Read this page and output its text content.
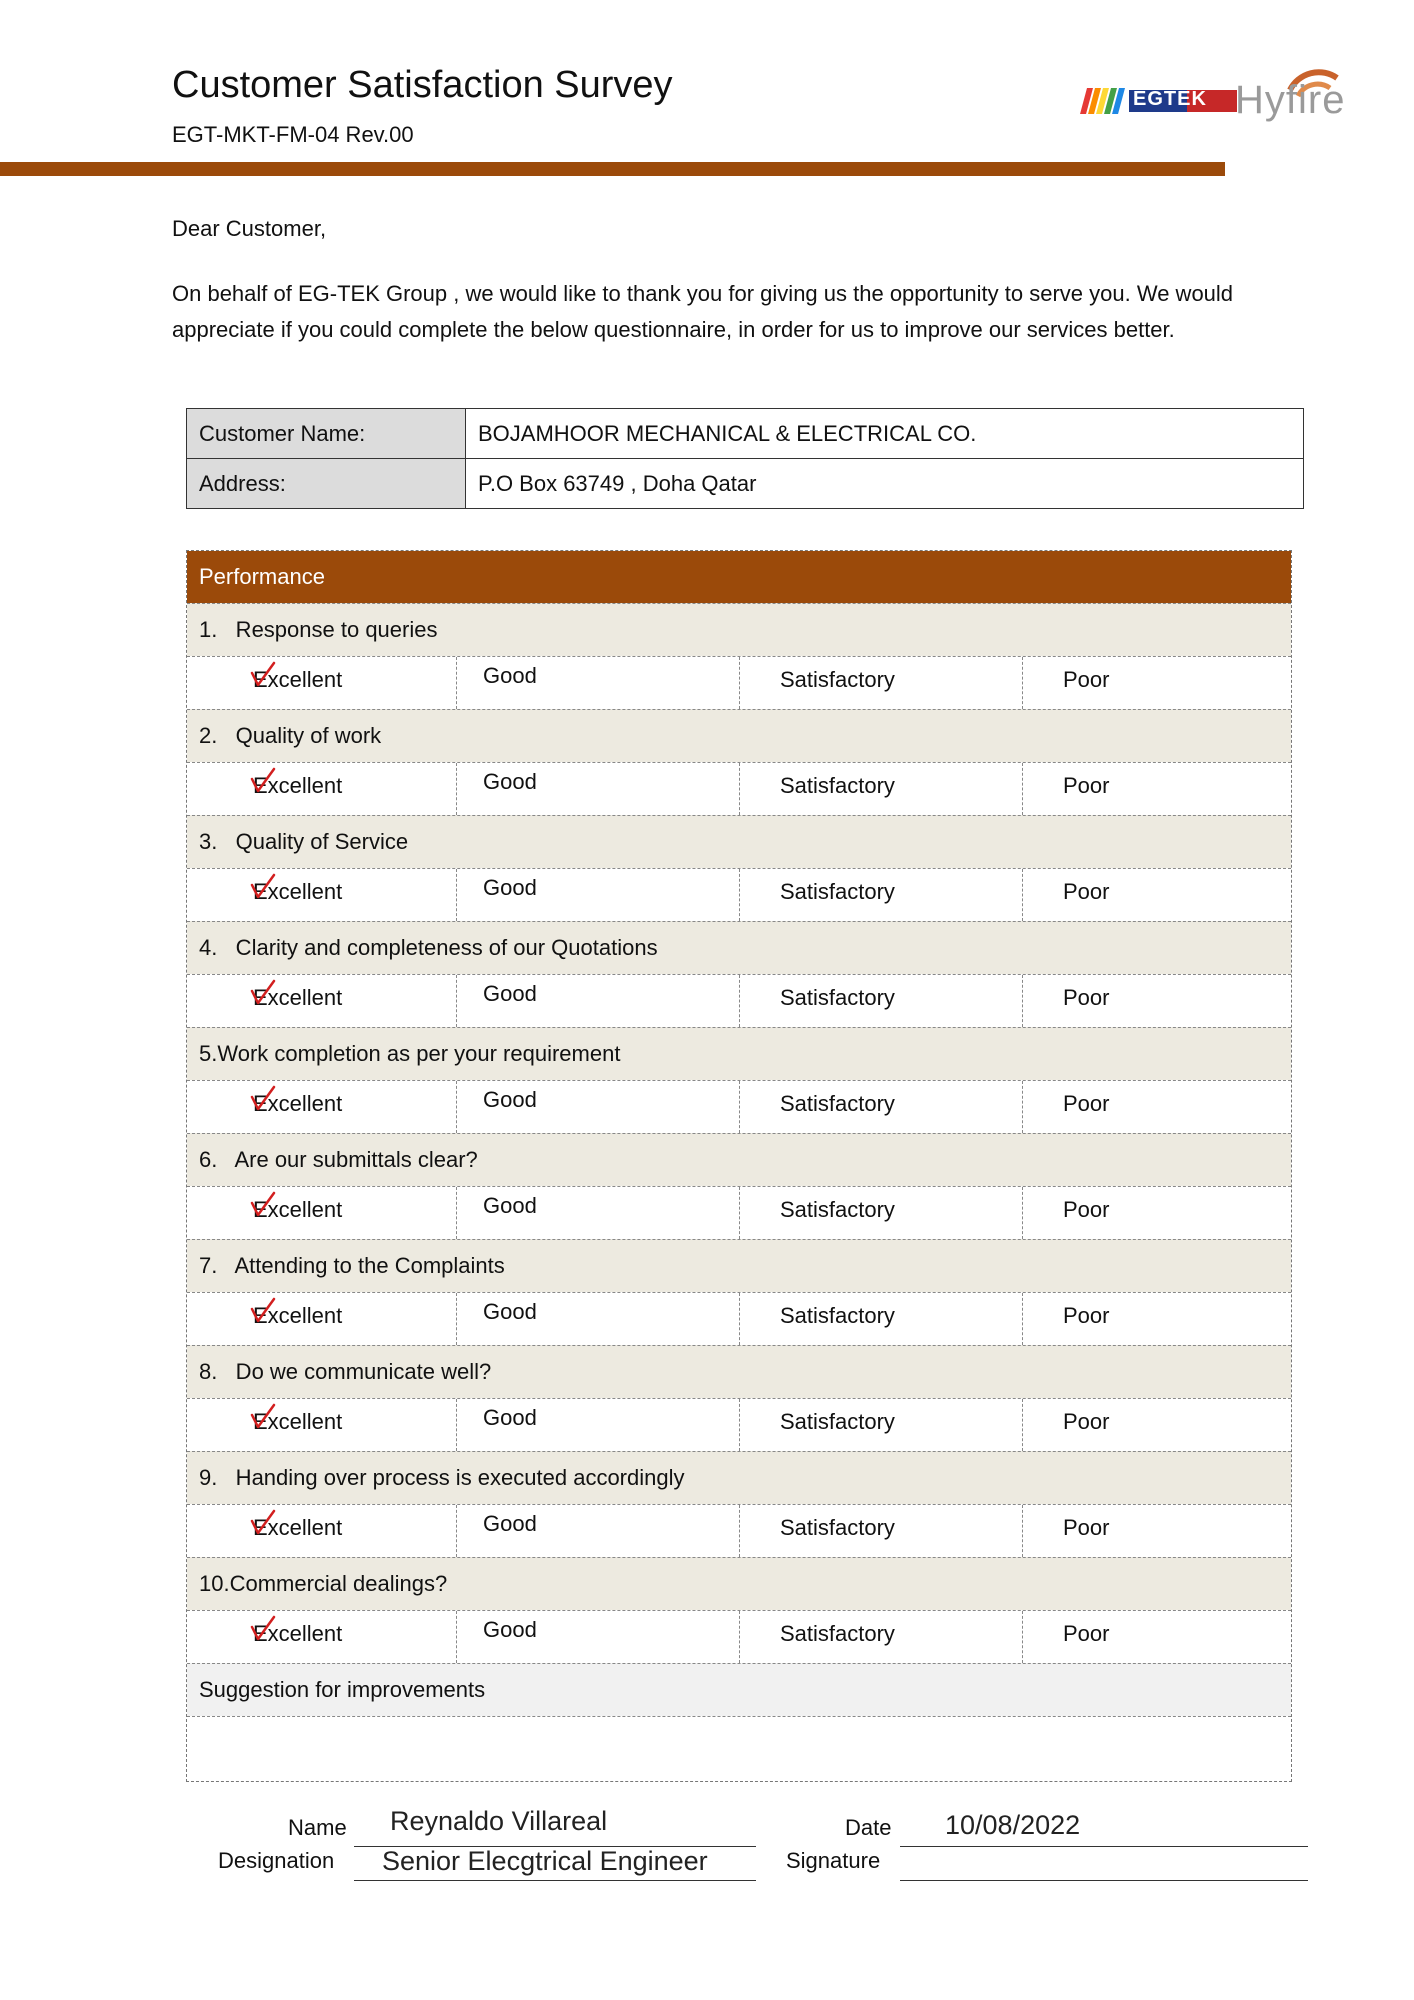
Customer Satisfaction Survey
EGT-MKT-FM-04 Rev.00
EGTEK Hyfire
Dear Customer,
On behalf of EG-TEK Group , we would like to thank you for giving us the opportunity to serve you. We would appreciate if you could complete the below questionnaire, in order for us to improve our services better.
Customer Name:	BOJAMHOOR MECHANICAL & ELECTRICAL CO.
Address:	P.O Box 63749 , Doha Qatar
Performance
1.   Response to queries
Excellent	Good	Satisfactory	Poor
2.   Quality of work
Excellent	Good	Satisfactory	Poor
3.   Quality of Service
Excellent	Good	Satisfactory	Poor
4.   Clarity and completeness of our Quotations
Excellent	Good	Satisfactory	Poor
5.Work completion as per your requirement
Excellent	Good	Satisfactory	Poor
6.   Are our submittals clear?
Excellent	Good	Satisfactory	Poor
7.   Attending to the Complaints
Excellent	Good	Satisfactory	Poor
8.   Do we communicate well?
Excellent	Good	Satisfactory	Poor
9.   Handing over process is executed accordingly
Excellent	Good	Satisfactory	Poor
10.Commercial dealings?
Excellent	Good	Satisfactory	Poor
Suggestion for improvements
Name Reynaldo Villareal
Designation Senior Elecgtrical Engineer
Date 10/08/2022
Signature
